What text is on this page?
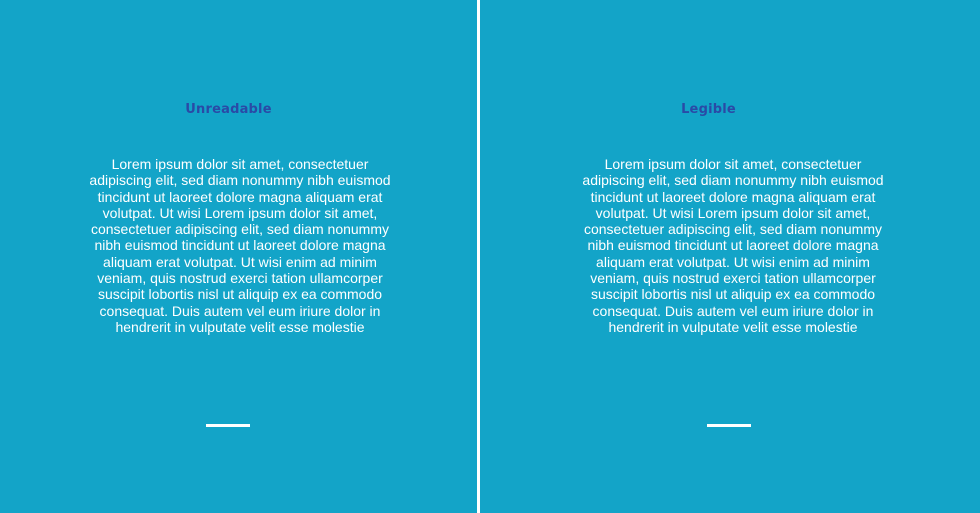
Unreadable
Lorem ipsum dolor sit amet, consectetuer adipiscing elit, sed diam nonummy nibh euismod tincidunt ut laoreet dolore magna aliquam erat volutpat. Ut wisi Lorem ipsum dolor sit amet, consectetuer adipiscing elit, sed diam nonummy nibh euismod tincidunt ut laoreet dolore magna aliquam erat volutpat. Ut wisi enim ad minim veniam, quis nostrud exerci tation ullamcorper suscipit lobortis nisl ut aliquip ex ea commodo consequat. Duis autem vel eum iriure dolor in hendrerit in vulputate velit esse molestie
Legible
Lorem ipsum dolor sit amet, consectetuer adipiscing elit, sed diam nonummy nibh euismod tincidunt ut laoreet dolore magna aliquam erat volutpat. Ut wisi Lorem ipsum dolor sit amet, consectetuer adipiscing elit, sed diam nonummy nibh euismod tincidunt ut laoreet dolore magna aliquam erat volutpat. Ut wisi enim ad minim veniam, quis nostrud exerci tation ullamcorper suscipit lobortis nisl ut aliquip ex ea commodo consequat. Duis autem vel eum iriure dolor in hendrerit in vulputate velit esse molestie
